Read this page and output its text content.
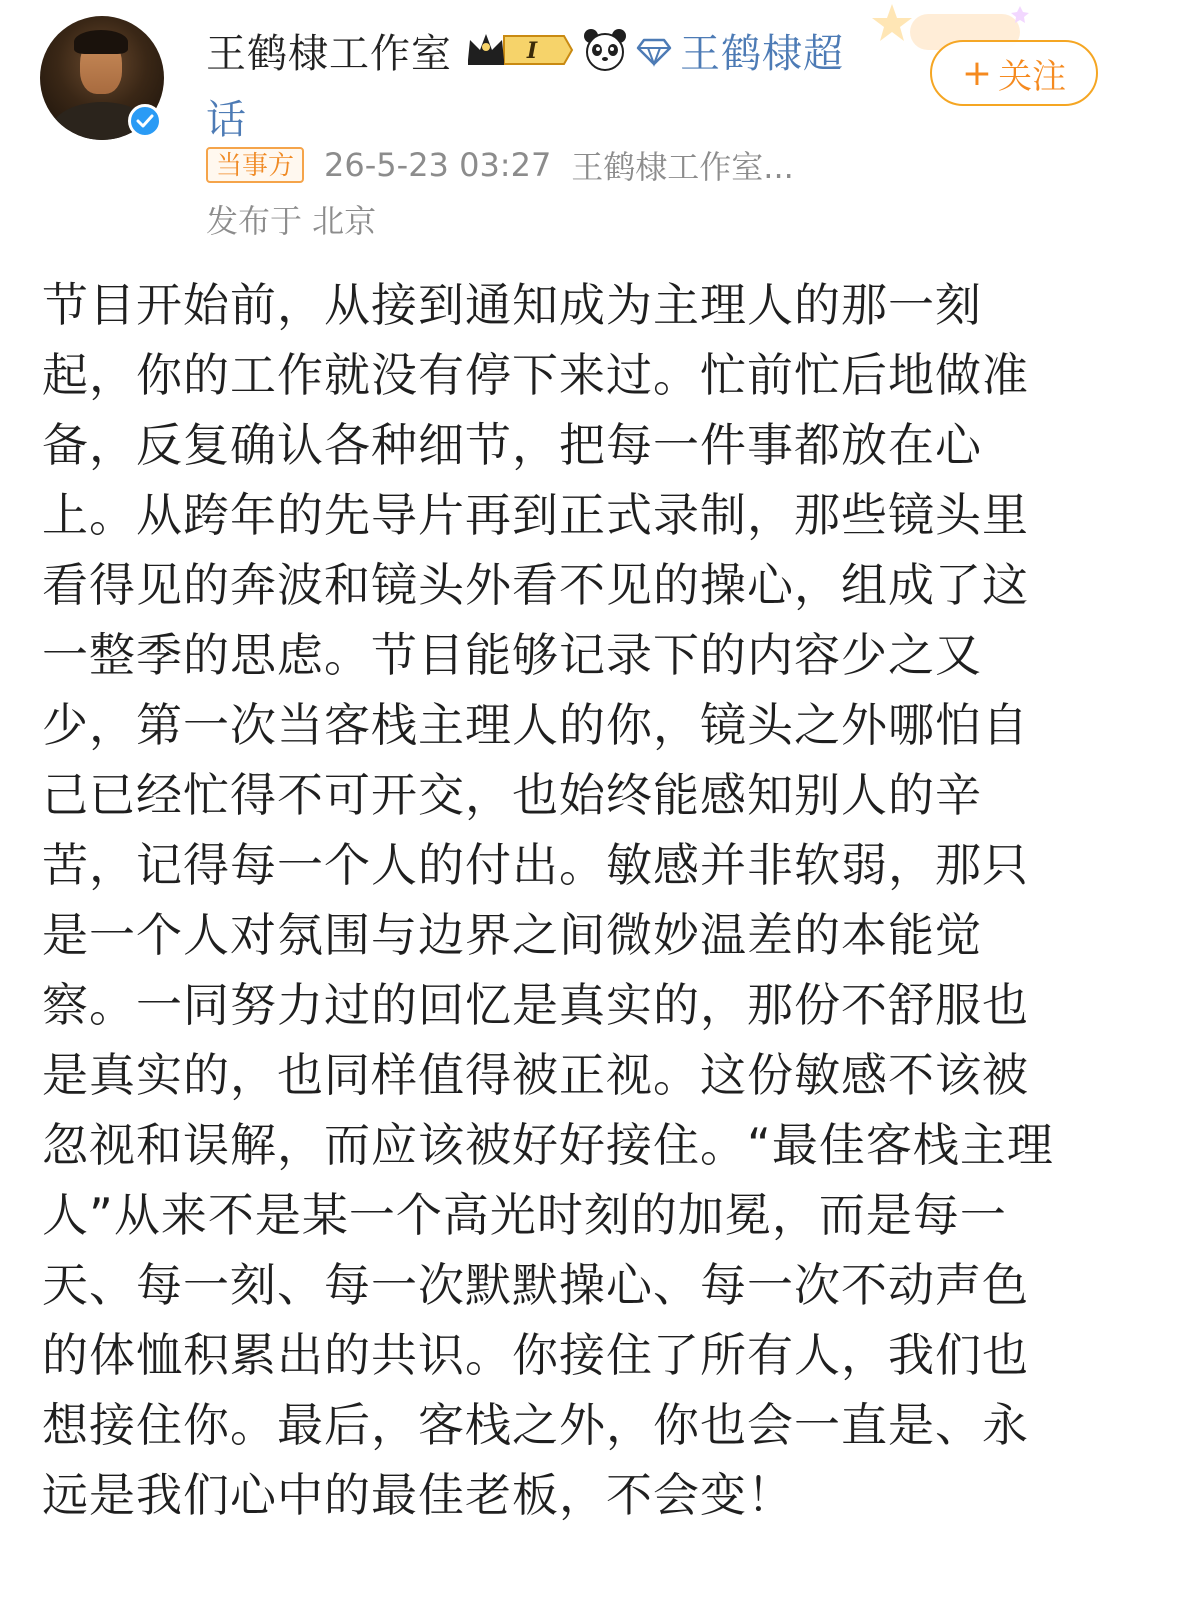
王鹤棣工作室	I	王鹤棣超
话
+ 关注
当事方 26-5-23 03:27 王鹤棣工作室...
发布于 北京
节目开始前，从接到通知成为主理人的那一刻
起，你的工作就没有停下来过。忙前忙后地做准
备，反复确认各种细节，把每一件事都放在心
上。从跨年的先导片再到正式录制，那些镜头里
看得见的奔波和镜头外看不见的操心，组成了这
一整季的思虑。节目能够记录下的内容少之又
少，第一次当客栈主理人的你，镜头之外哪怕自
己已经忙得不可开交，也始终能感知别人的辛
苦，记得每一个人的付出。敏感并非软弱，那只
是一个人对氛围与边界之间微妙温差的本能觉
察。一同努力过的回忆是真实的，那份不舒服也
是真实的，也同样值得被正视。这份敏感不该被
忽视和误解，而应该被好好接住。“最佳客栈主理
人”从来不是某一个高光时刻的加冕，而是每一
天、每一刻、每一次默默操心、每一次不动声色
的体恤积累出的共识。你接住了所有人，我们也
想接住你。最后，客栈之外，你也会一直是、永
远是我们心中的最佳老板，不会变！
